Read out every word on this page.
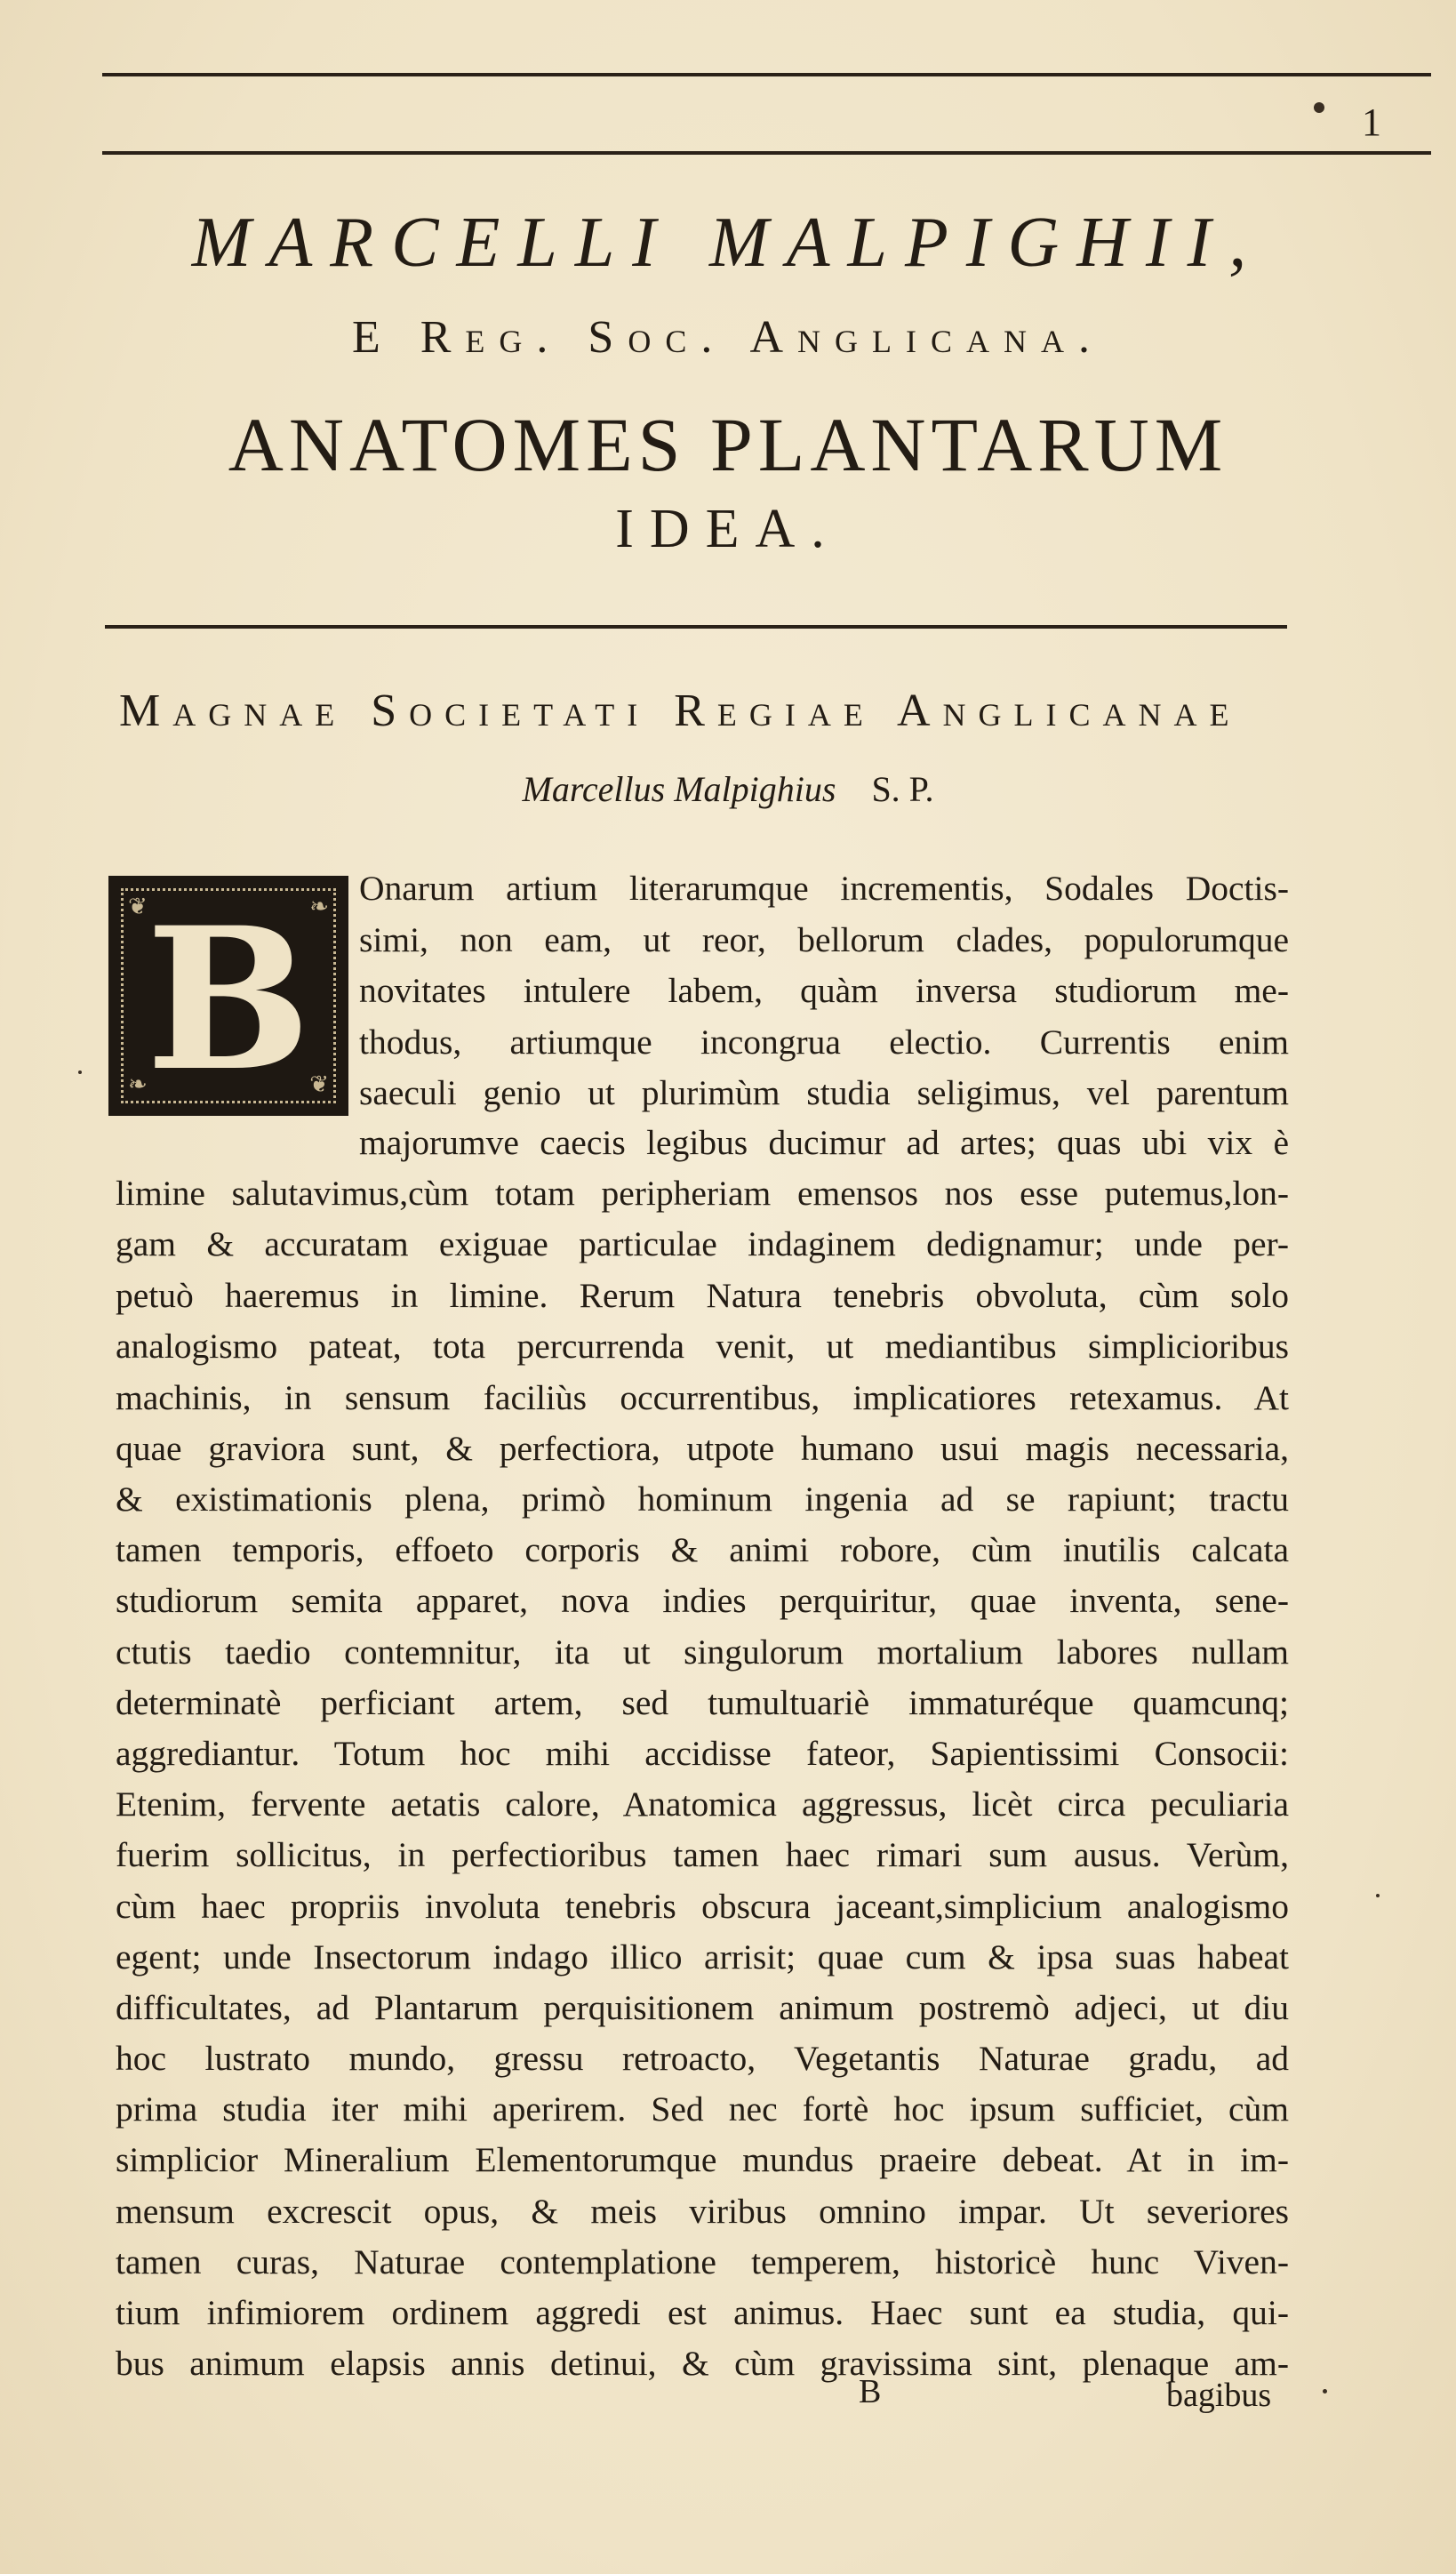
1
MARCELLI MALPIGHII,
E Reg. Soc. Anglicana.
ANATOMES PLANTARUM
IDEA.
Magnae Societati Regiae Anglicanae
Marcellus Malpighius S. P.
❦	❧
❧	❦
B	Onarum artium literarumque incrementis, Sodales Doctis-
simi, non eam, ut reor, bellorum clades, populorumque
novitates intulere labem, quàm inversa studiorum me-
thodus, artiumque incongrua electio. Currentis enim
saeculi genio ut plurimùm studia seligimus, vel parentum
majorumve caecis legibus ducimur ad artes; quas ubi vix è
limine salutavimus,cùm totam peripheriam emensos nos esse putemus,lon-
gam & accuratam exiguae particulae indaginem dedignamur; unde per-
petuò haeremus in limine. Rerum Natura tenebris obvoluta, cùm solo
analogismo pateat, tota percurrenda venit, ut mediantibus simplicioribus
machinis, in sensum faciliùs occurrentibus, implicatiores retexamus. At
quae graviora sunt, & perfectiora, utpote humano usui magis necessaria,
& existimationis plena, primò hominum ingenia ad se rapiunt; tractu
tamen temporis, effoeto corporis & animi robore, cùm inutilis calcata
studiorum semita apparet, nova indies perquiritur, quae inventa, sene-
ctutis taedio contemnitur, ita ut singulorum mortalium labores nullam
determinatè perficiant artem, sed tumultuariè immaturéque quamcunq;
aggrediantur. Totum hoc mihi accidisse fateor, Sapientissimi Consocii:
Etenim, fervente aetatis calore, Anatomica aggressus, licèt circa peculiaria
fuerim sollicitus, in perfectioribus tamen haec rimari sum ausus. Verùm,
cùm haec propriis involuta tenebris obscura jaceant,simplicium analogismo
egent; unde Insectorum indago illico arrisit; quae cum & ipsa suas habeat
difficultates, ad Plantarum perquisitionem animum postremò adjeci, ut diu
hoc lustrato mundo, gressu retroacto, Vegetantis Naturae gradu, ad
prima studia iter mihi aperirem. Sed nec fortè hoc ipsum sufficiet, cùm
simplicior Mineralium Elementorumque mundus praeire debeat. At in im-
mensum excrescit opus, & meis viribus omnino impar. Ut severiores
tamen curas, Naturae contemplatione temperem, historicè hunc Viven-
tium infimiorem ordinem aggredi est animus. Haec sunt ea studia, qui-
bus animum elapsis annis detinui, & cùm gravissima sint, plenaque am-
B	bagibus
